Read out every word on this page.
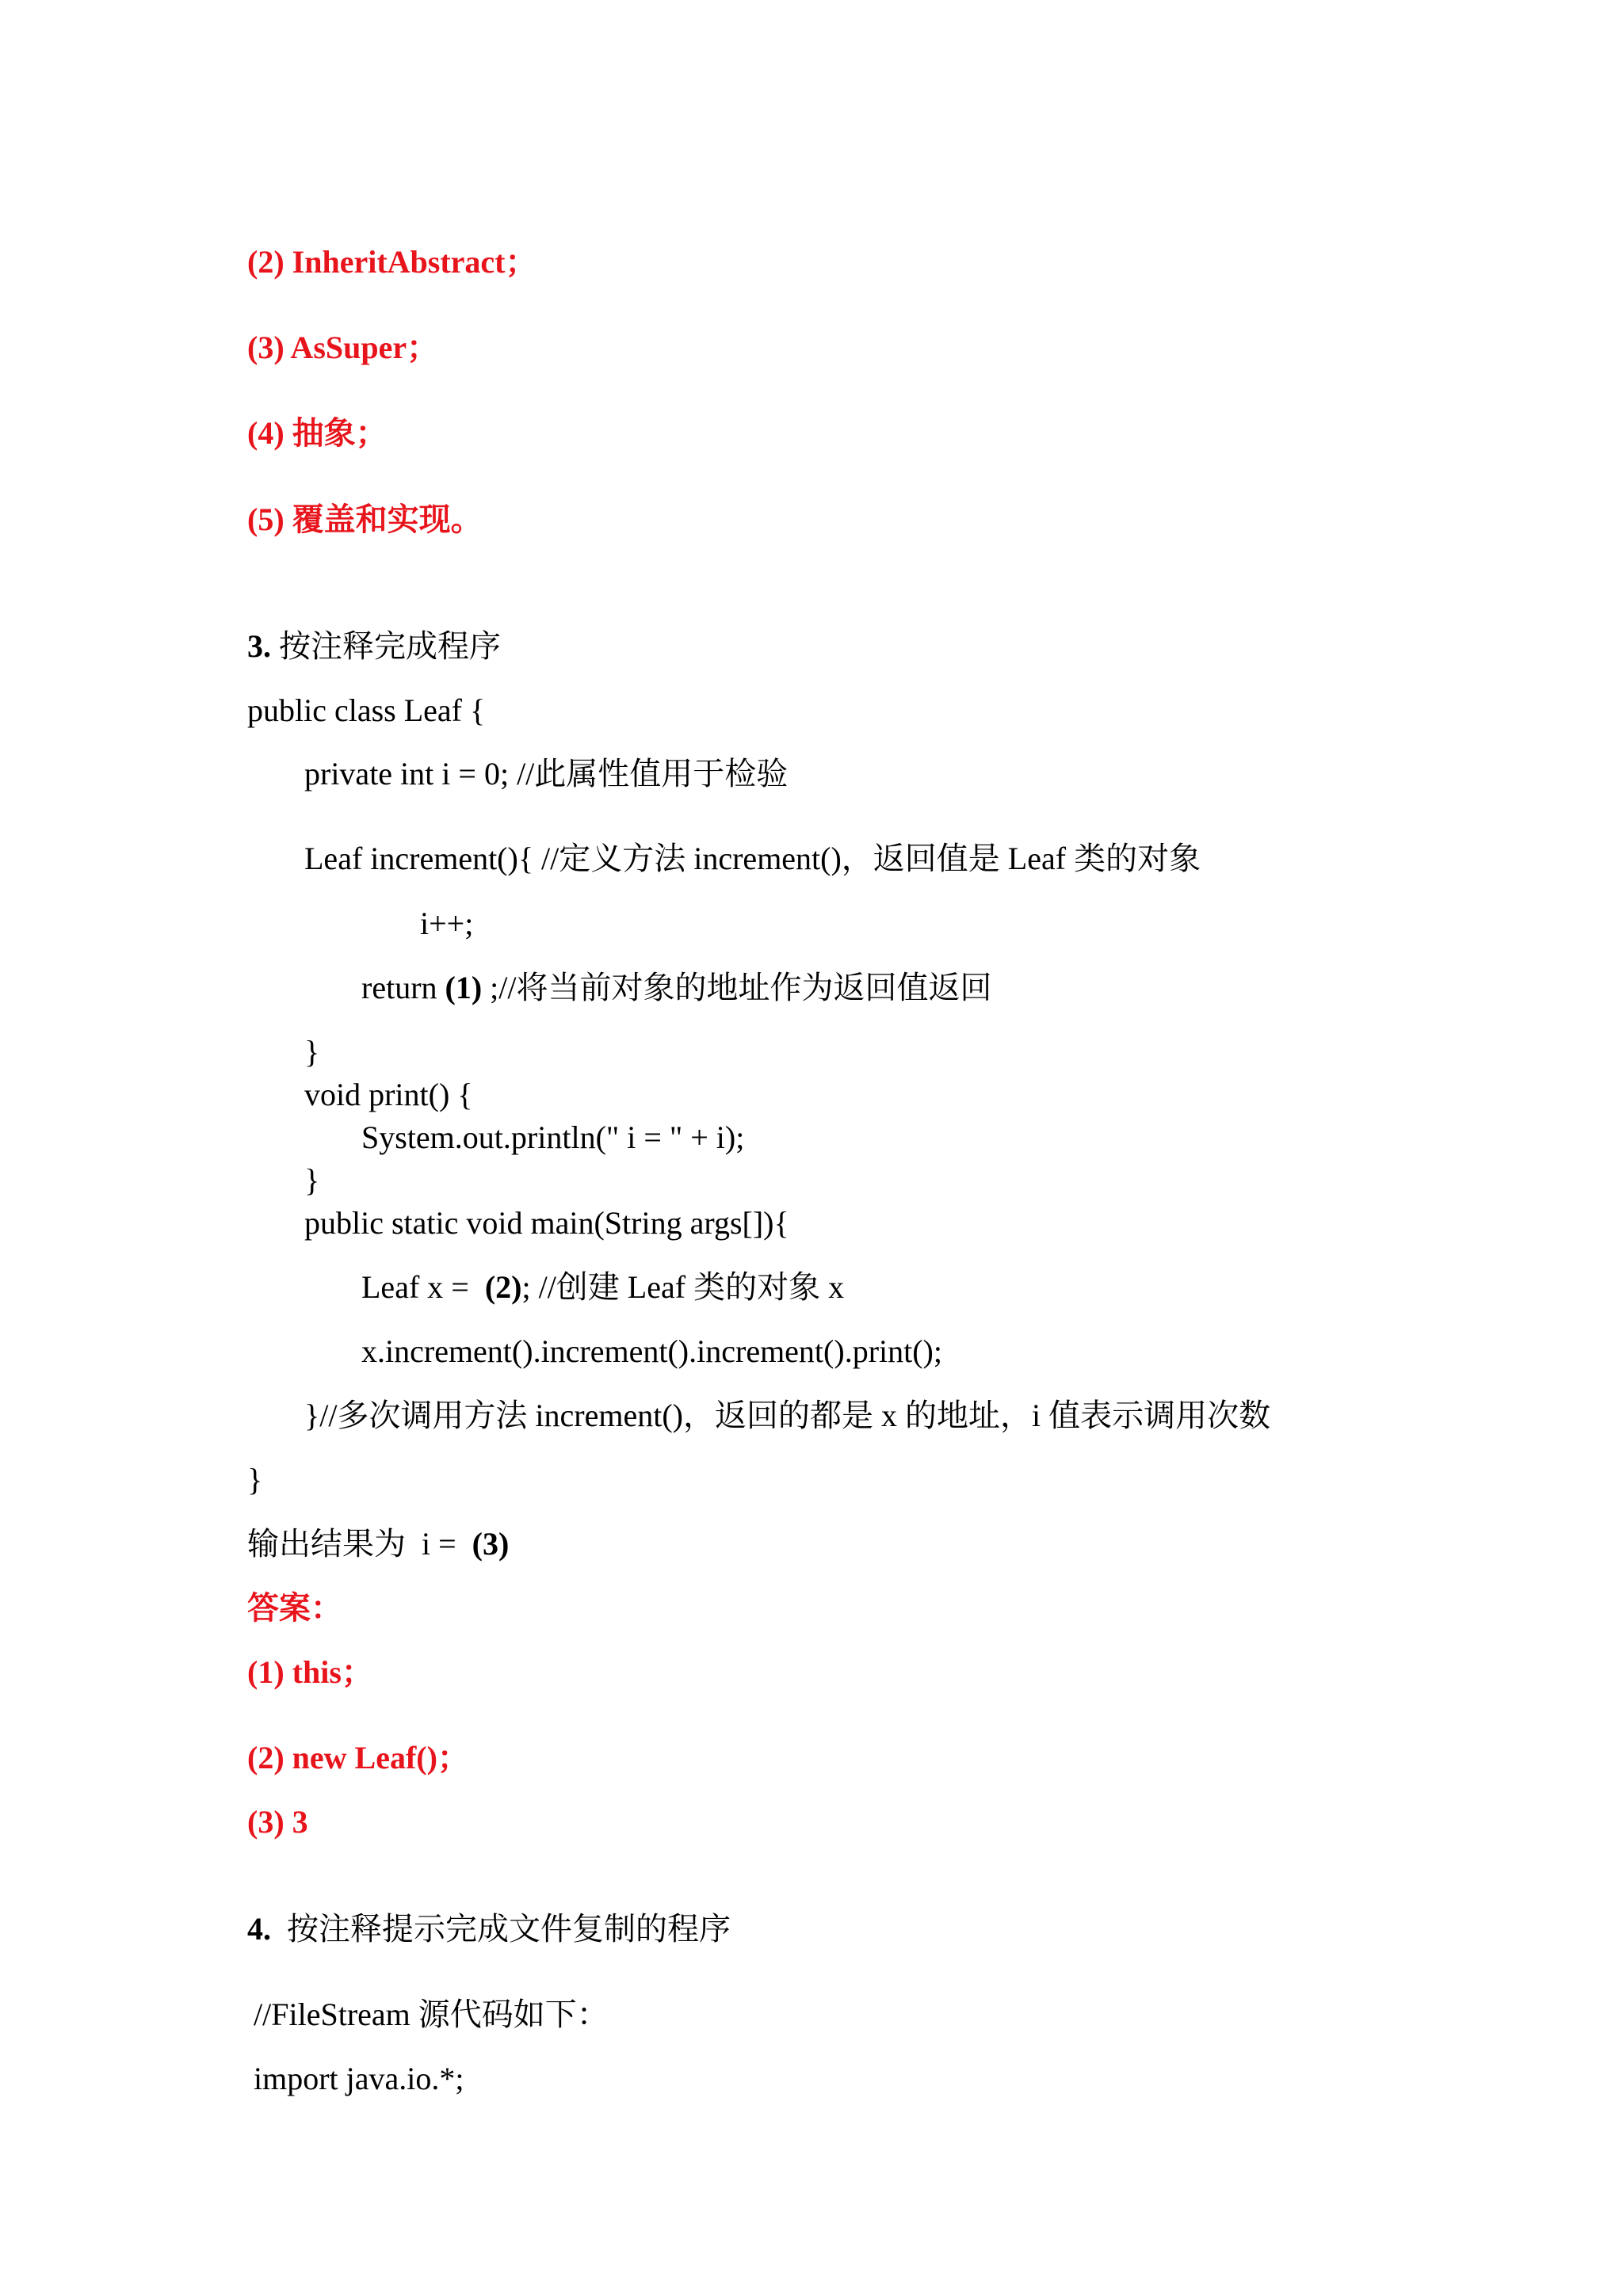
(2) InheritAbstract；
(3) AsSuper；
(4) 抽象；
(5) 覆盖和实现。
3. 按注释完成程序
public class Leaf {
private int i = 0; //此属性值用于检验
Leaf increment(){ //定义方法 increment()，返回值是 Leaf 类的对象
i++;
return (1) ;//将当前对象的地址作为返回值返回
}
void print() {
System.out.println(" i = " + i);
}
public static void main(String args[]){
Leaf x =  (2); //创建 Leaf 类的对象 x
x.increment().increment().increment().print();
}//多次调用方法 increment()，返回的都是 x 的地址，i 值表示调用次数
}
输出结果为  i =  (3)
答案：
(1) this；
(2) new Leaf()；
(3) 3
4.  按注释提示完成文件复制的程序
//FileStream 源代码如下：
import java.io.*;
